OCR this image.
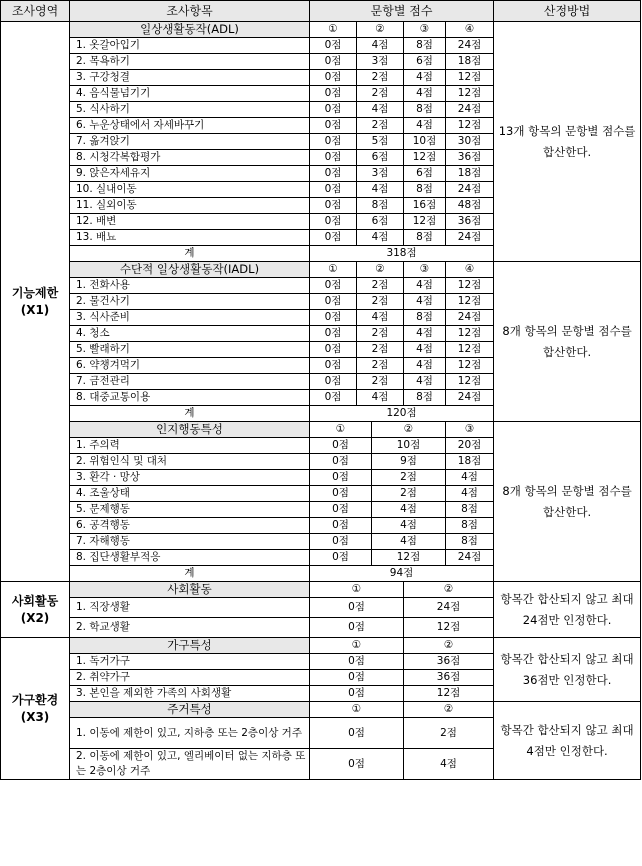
조사영역	조사항목	문항별 점수					산정방법

기능제한
(X1)	일상생활동작(ADL)	①	②		③	④	13개 항목의 문항별 점수를 합산한다.
	1. 옷갈아입기	0점	4점		8점	24점	
	2. 목욕하기	0점	3점		6점	18점	
	3. 구강청결	0점	2점		4점	12점	
	4. 음식물넘기기	0점	2점		4점	12점	
	5. 식사하기	0점	4점		8점	24점	
	6. 누운상태에서 자세바꾸기	0점	2점		4점	12점	
	7. 옮겨앉기	0점	5점		10점	30점	
	8. 시청각복합평가	0점	6점		12점	36점	
	9. 앉은자세유지	0점	3점		6점	18점	
	10. 실내이동	0점	4점		8점	24점	
	11. 실외이동	0점	8점		16점	48점	
	12. 배변	0점	6점		12점	36점	
	13. 배뇨	0점	4점		8점	24점	
	계	318점					
	수단적 일상생활동작(IADL)	①	②		③	④	8개 항목의 문항별 점수를 합산한다.
	1. 전화사용	0점	2점		4점	12점	
	2. 물건사기	0점	2점		4점	12점	
	3. 식사준비	0점	4점		8점	24점	
	4. 청소	0점	2점		4점	12점	
	5. 빨래하기	0점	2점		4점	12점	
	6. 약챙겨먹기	0점	2점		4점	12점	
	7. 금전관리	0점	2점		4점	12점	
	8. 대중교통이용	0점	4점		8점	24점	
	계	120점					
	인지행동특성	①		②		③	8개 항목의 문항별 점수를 합산한다.
	1. 주의력	0점		10점		20점	
	2. 위험인식 및 대처	0점		9점		18점	
	3. 환각 · 망상	0점		2점		4점	
	4. 조울상태	0점		2점		4점	
	5. 문제행동	0점		4점		8점	
	6. 공격행동	0점		4점		8점	
	7. 자해행동	0점		4점		8점	
	8. 집단생활부적응	0점		12점		24점	
	계	94점					

사회활동
(X2)	사회활동	①			②		항목간 합산되지 않고 최대 24점만 인정한다.
	1. 직장생활	0점			24점		
	2. 학교생활	0점			12점		

가구환경
(X3)	가구특성	①			②		항목간 합산되지 않고 최대 36점만 인정한다.
	1. 독거가구	0점			36점		
	2. 취약가구	0점			36점		
	3. 본인을 제외한 가족의 사회생활	0점			12점		
	주거특성	①			②		항목간 합산되지 않고 최대 4점만 인정한다.
	1. 이동에 제한이 있고, 지하층 또는 2층이상 거주	0점			2점		
	2. 이동에 제한이 있고, 엘리베이터 없는 지하층 또는 2층이상 거주	0점			4점		
